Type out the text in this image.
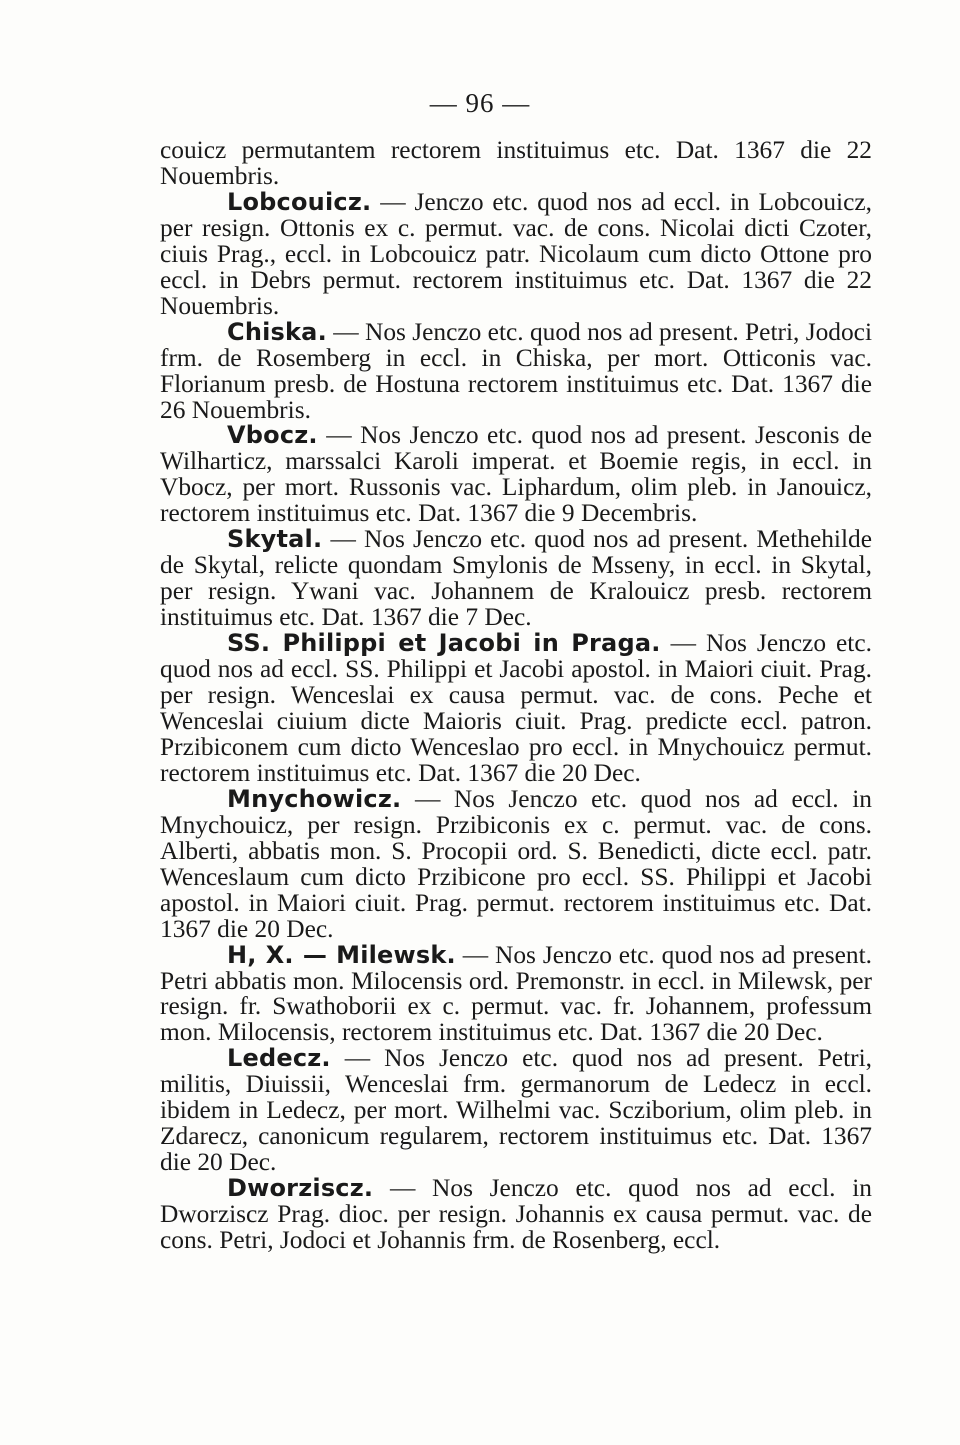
— 96 —

couicz permutantem rectorem instituimus etc. Dat. 1367 die 22 Nouembris.

Lobcouicz. — Jenczo etc. quod nos ad eccl. in Lobcouicz, per resign. Ottonis ex c. permut. vac. de cons. Nicolai dicti Czoter, ciuis Prag., eccl. in Lobcouicz patr. Nicolaum cum dicto Ottone pro eccl. in Debrs permut. rectorem instituimus etc. Dat. 1367 die 22 Nouembris.

Chiska. — Nos Jenczo etc. quod nos ad present. Petri, Jodoci frm. de Rosemberg in eccl. in Chiska, per mort. Otticonis vac. Florianum presb. de Hostuna rectorem instituimus etc. Dat. 1367 die 26 Nouembris.

Vbocz. — Nos Jenczo etc. quod nos ad present. Jesconis de Wilharticz, marssalci Karoli imperat. et Boemie regis, in eccl. in Vbocz, per mort. Russonis vac. Liphardum, olim pleb. in Janouicz, rectorem instituimus etc. Dat. 1367 die 9 Decembris.

Skytal. — Nos Jenczo etc. quod nos ad present. Methehilde de Skytal, relicte quondam Smylonis de Msseny, in eccl. in Skytal, per resign. Ywani vac. Johannem de Kralouicz presb. rectorem instituimus etc. Dat. 1367 die 7 Dec.

SS. Philippi et Jacobi in Praga. — Nos Jenczo etc. quod nos ad eccl. SS. Philippi et Jacobi apostol. in Maiori ciuit. Prag. per resign. Wenceslai ex causa permut. vac. de cons. Peche et Wenceslai ciuium dicte Maioris ciuit. Prag. predicte eccl. patron. Przibiconem cum dicto Wenceslao pro eccl. in Mnychouicz permut. rectorem instituimus etc. Dat. 1367 die 20 Dec.

Mnychowicz. — Nos Jenczo etc. quod nos ad eccl. in Mnychouicz, per resign. Przibiconis ex c. permut. vac. de cons. Alberti, abbatis mon. S. Procopii ord. S. Benedicti, dicte eccl. patr. Wenceslaum cum dicto Przibicone pro eccl. SS. Philippi et Jacobi apostol. in Maiori ciuit. Prag. permut. rectorem instituimus etc. Dat. 1367 die 20 Dec.

H, X. — Milewsk. — Nos Jenczo etc. quod nos ad present. Petri abbatis mon. Milocensis ord. Premonstr. in eccl. in Milewsk, per resign. fr. Swathoborii ex c. permut. vac. fr. Johannem, professum mon. Milocensis, rectorem instituimus etc. Dat. 1367 die 20 Dec.

Ledecz. — Nos Jenczo etc. quod nos ad present. Petri, militis, Diuissii, Wenceslai frm. germanorum de Ledecz in eccl. ibidem in Ledecz, per mort. Wilhelmi vac. Scziborium, olim pleb. in Zdarecz, canonicum regularem, rectorem instituimus etc. Dat. 1367 die 20 Dec.

Dworziscz. — Nos Jenczo etc. quod nos ad eccl. in Dworziscz Prag. dioc. per resign. Johannis ex causa permut. vac. de cons. Petri, Jodoci et Johannis frm. de Rosenberg, eccl.
